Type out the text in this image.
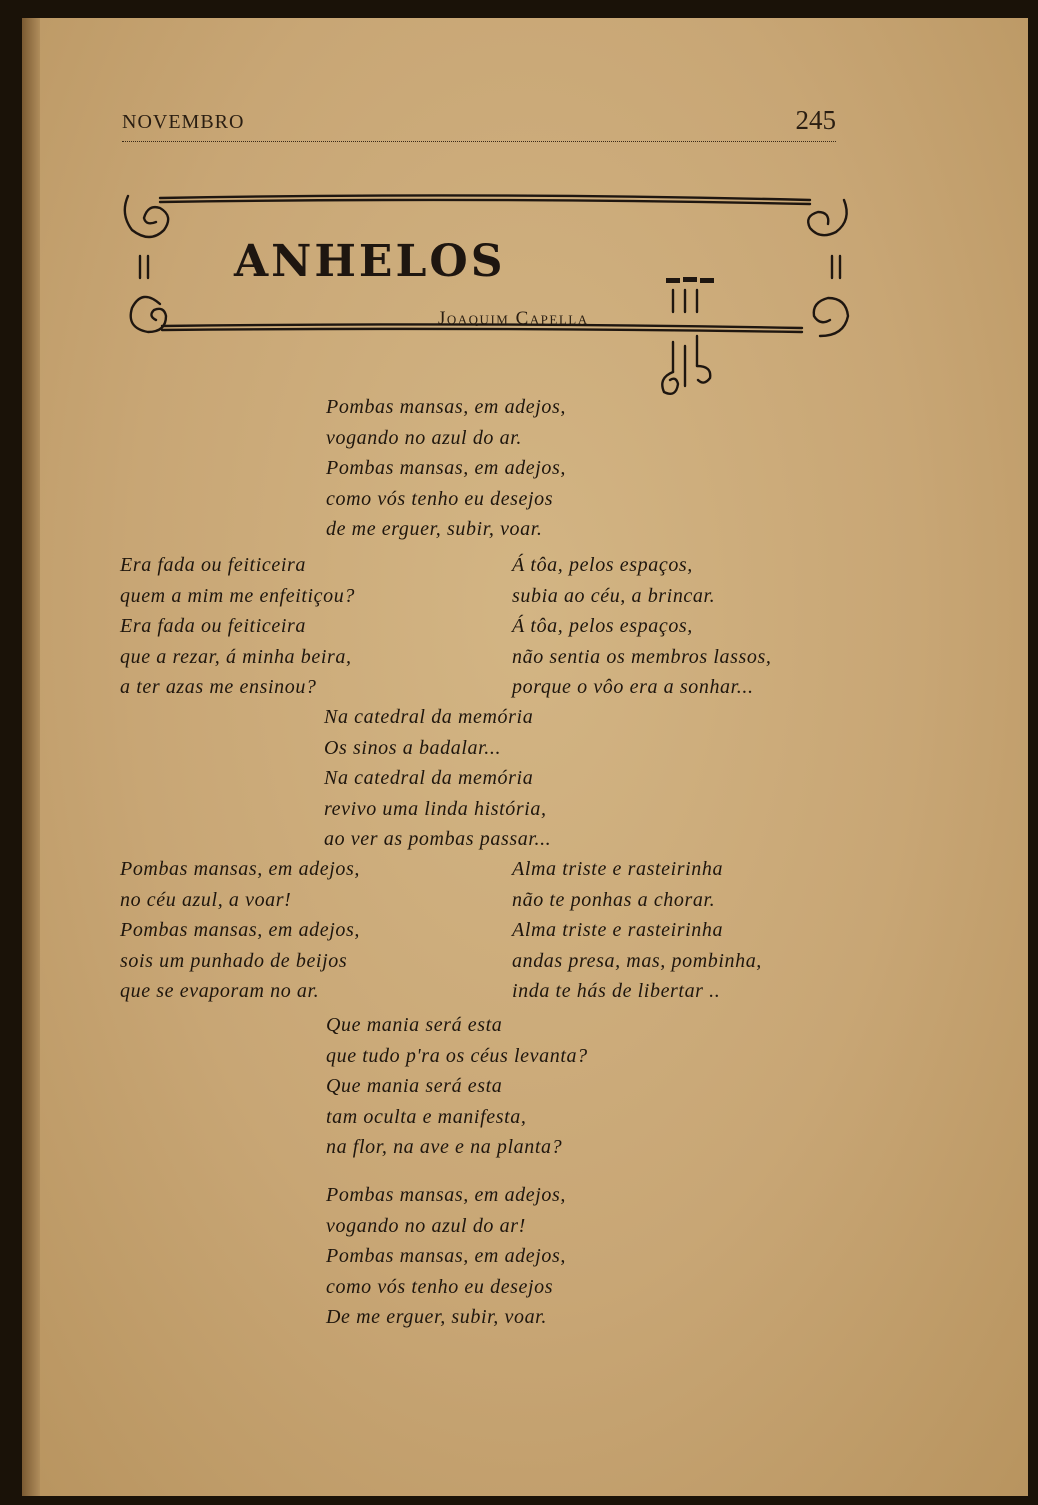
NOVEMBRO	245
ANHELOS
Joaquim Capella
Pombas mansas, em adejos,
vogando no azul do ar.
Pombas mansas, em adejos,
como vós tenho eu desejos
de me erguer, subir, voar.
Era fada ou feiticeira
quem a mim me enfeitiçou?
Era fada ou feiticeira
que a rezar, á minha beira,
a ter azas me ensinou?
Á tôa, pelos espaços,
subia ao céu, a brincar.
Á tôa, pelos espaços,
não sentia os membros lassos,
porque o vôo era a sonhar...
Na catedral da memória
Os sinos a badalar...
Na catedral da memória
revivo uma linda história,
ao ver as pombas passar...
Pombas mansas, em adejos,
no céu azul, a voar!
Pombas mansas, em adejos,
sois um punhado de beijos
que se evaporam no ar.
Alma triste e rasteirinha
não te ponhas a chorar.
Alma triste e rasteirinha
andas presa, mas, pombinha,
inda te hás de libertar ..
Que mania será esta
que tudo p'ra os céus levanta?
Que mania será esta
tam oculta e manifesta,
na flor, na ave e na planta?
Pombas mansas, em adejos,
vogando no azul do ar!
Pombas mansas, em adejos,
como vós tenho eu desejos
De me erguer, subir, voar.
